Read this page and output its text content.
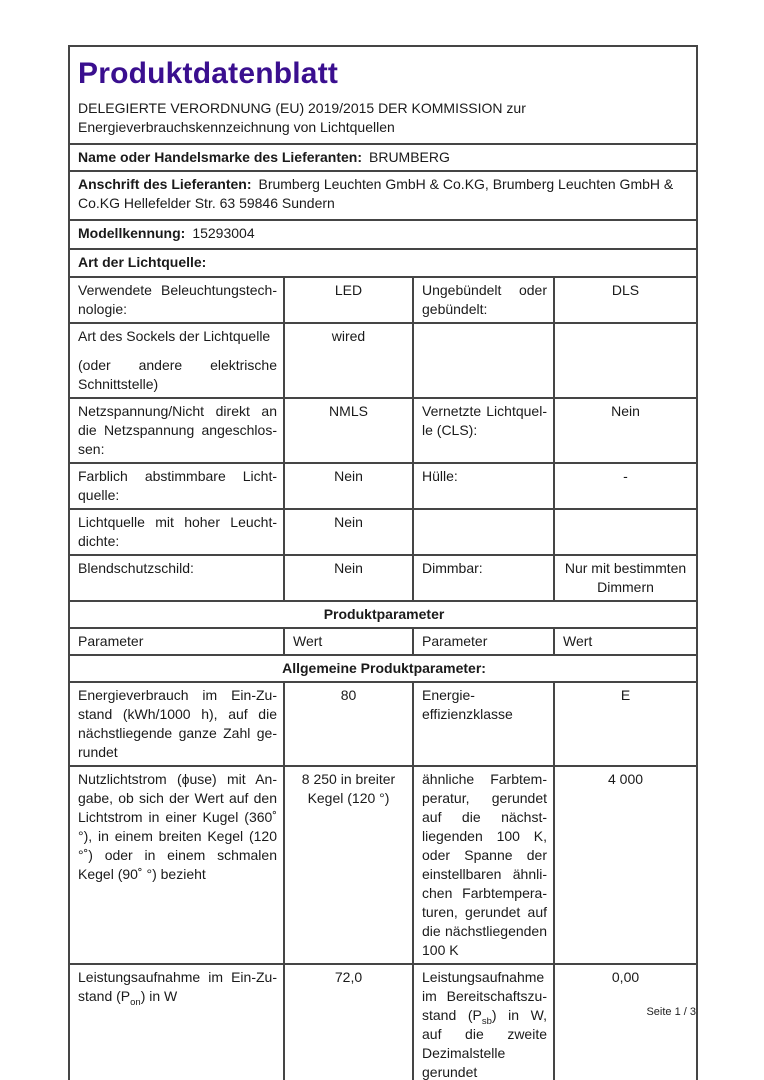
Produktdatenblatt
DELEGIERTE VERORDNUNG (EU) 2019/2015 DER KOMMISSION zur Energieverbrauchskennzeichnung von Lichtquellen			

Name oder Handelsmarke des Lieferanten: BRUMBERG			
Anschrift des Lieferanten: Brumberg Leuchten GmbH & Co.KG, Brumberg Leuchten GmbH & Co.KG Hellefelder Str. 63 59846 Sundern			
Modellkennung: 15293004			
Art der Lichtquelle:			
Verwendete Beleuchtungstechnologie:	LED	Ungebündelt oder gebündelt:	DLS

Art des Sockels der Lichtquelle
(oder andere elektrische Schnittstelle)	wired		
Netzspannung/Nicht direkt an die Netzspannung angeschlossen:	NMLS	Vernetzte Lichtquelle (CLS):	Nein
Farblich abstimmbare Lichtquelle:	Nein	Hülle:	-
Lichtquelle mit hoher Leuchtdichte:	Nein		
Blendschutzschild:	Nein	Dimmbar:	Nur mit bestimmten Dimmern
Produktparameter			
Parameter	Wert	Parameter	Wert
Allgemeine Produktparameter:			
Energieverbrauch im Ein-Zustand (kWh/1000 h), auf die nächstliegende ganze Zahl gerundet	80	Energieeffizienzklasse	E
Nutzlichtstrom (ϕuse) mit Angabe, ob sich der Wert auf den Lichtstrom in einer Kugel (360˚ °), in einem breiten Kegel (120 °˚) oder in einem schmalen Kegel (90˚ °) bezieht	8 250 in breiter Kegel (120 °)	ähnliche Farbtemperatur, gerundet auf die nächstliegenden 100 K, oder Spanne der einstellbaren ähnlichen Farbtemperaturen, gerundet auf die nächstliegenden 100 K	4 000
Leistungsaufnahme im Ein-Zustand $(P_{on})$ in W	72,0	Leistungsaufnahme im Bereitschaftszustand $(P_{sb})$ in W, auf die zweite Dezimalstelle gerundet	0,00
Seite 1 / 3
